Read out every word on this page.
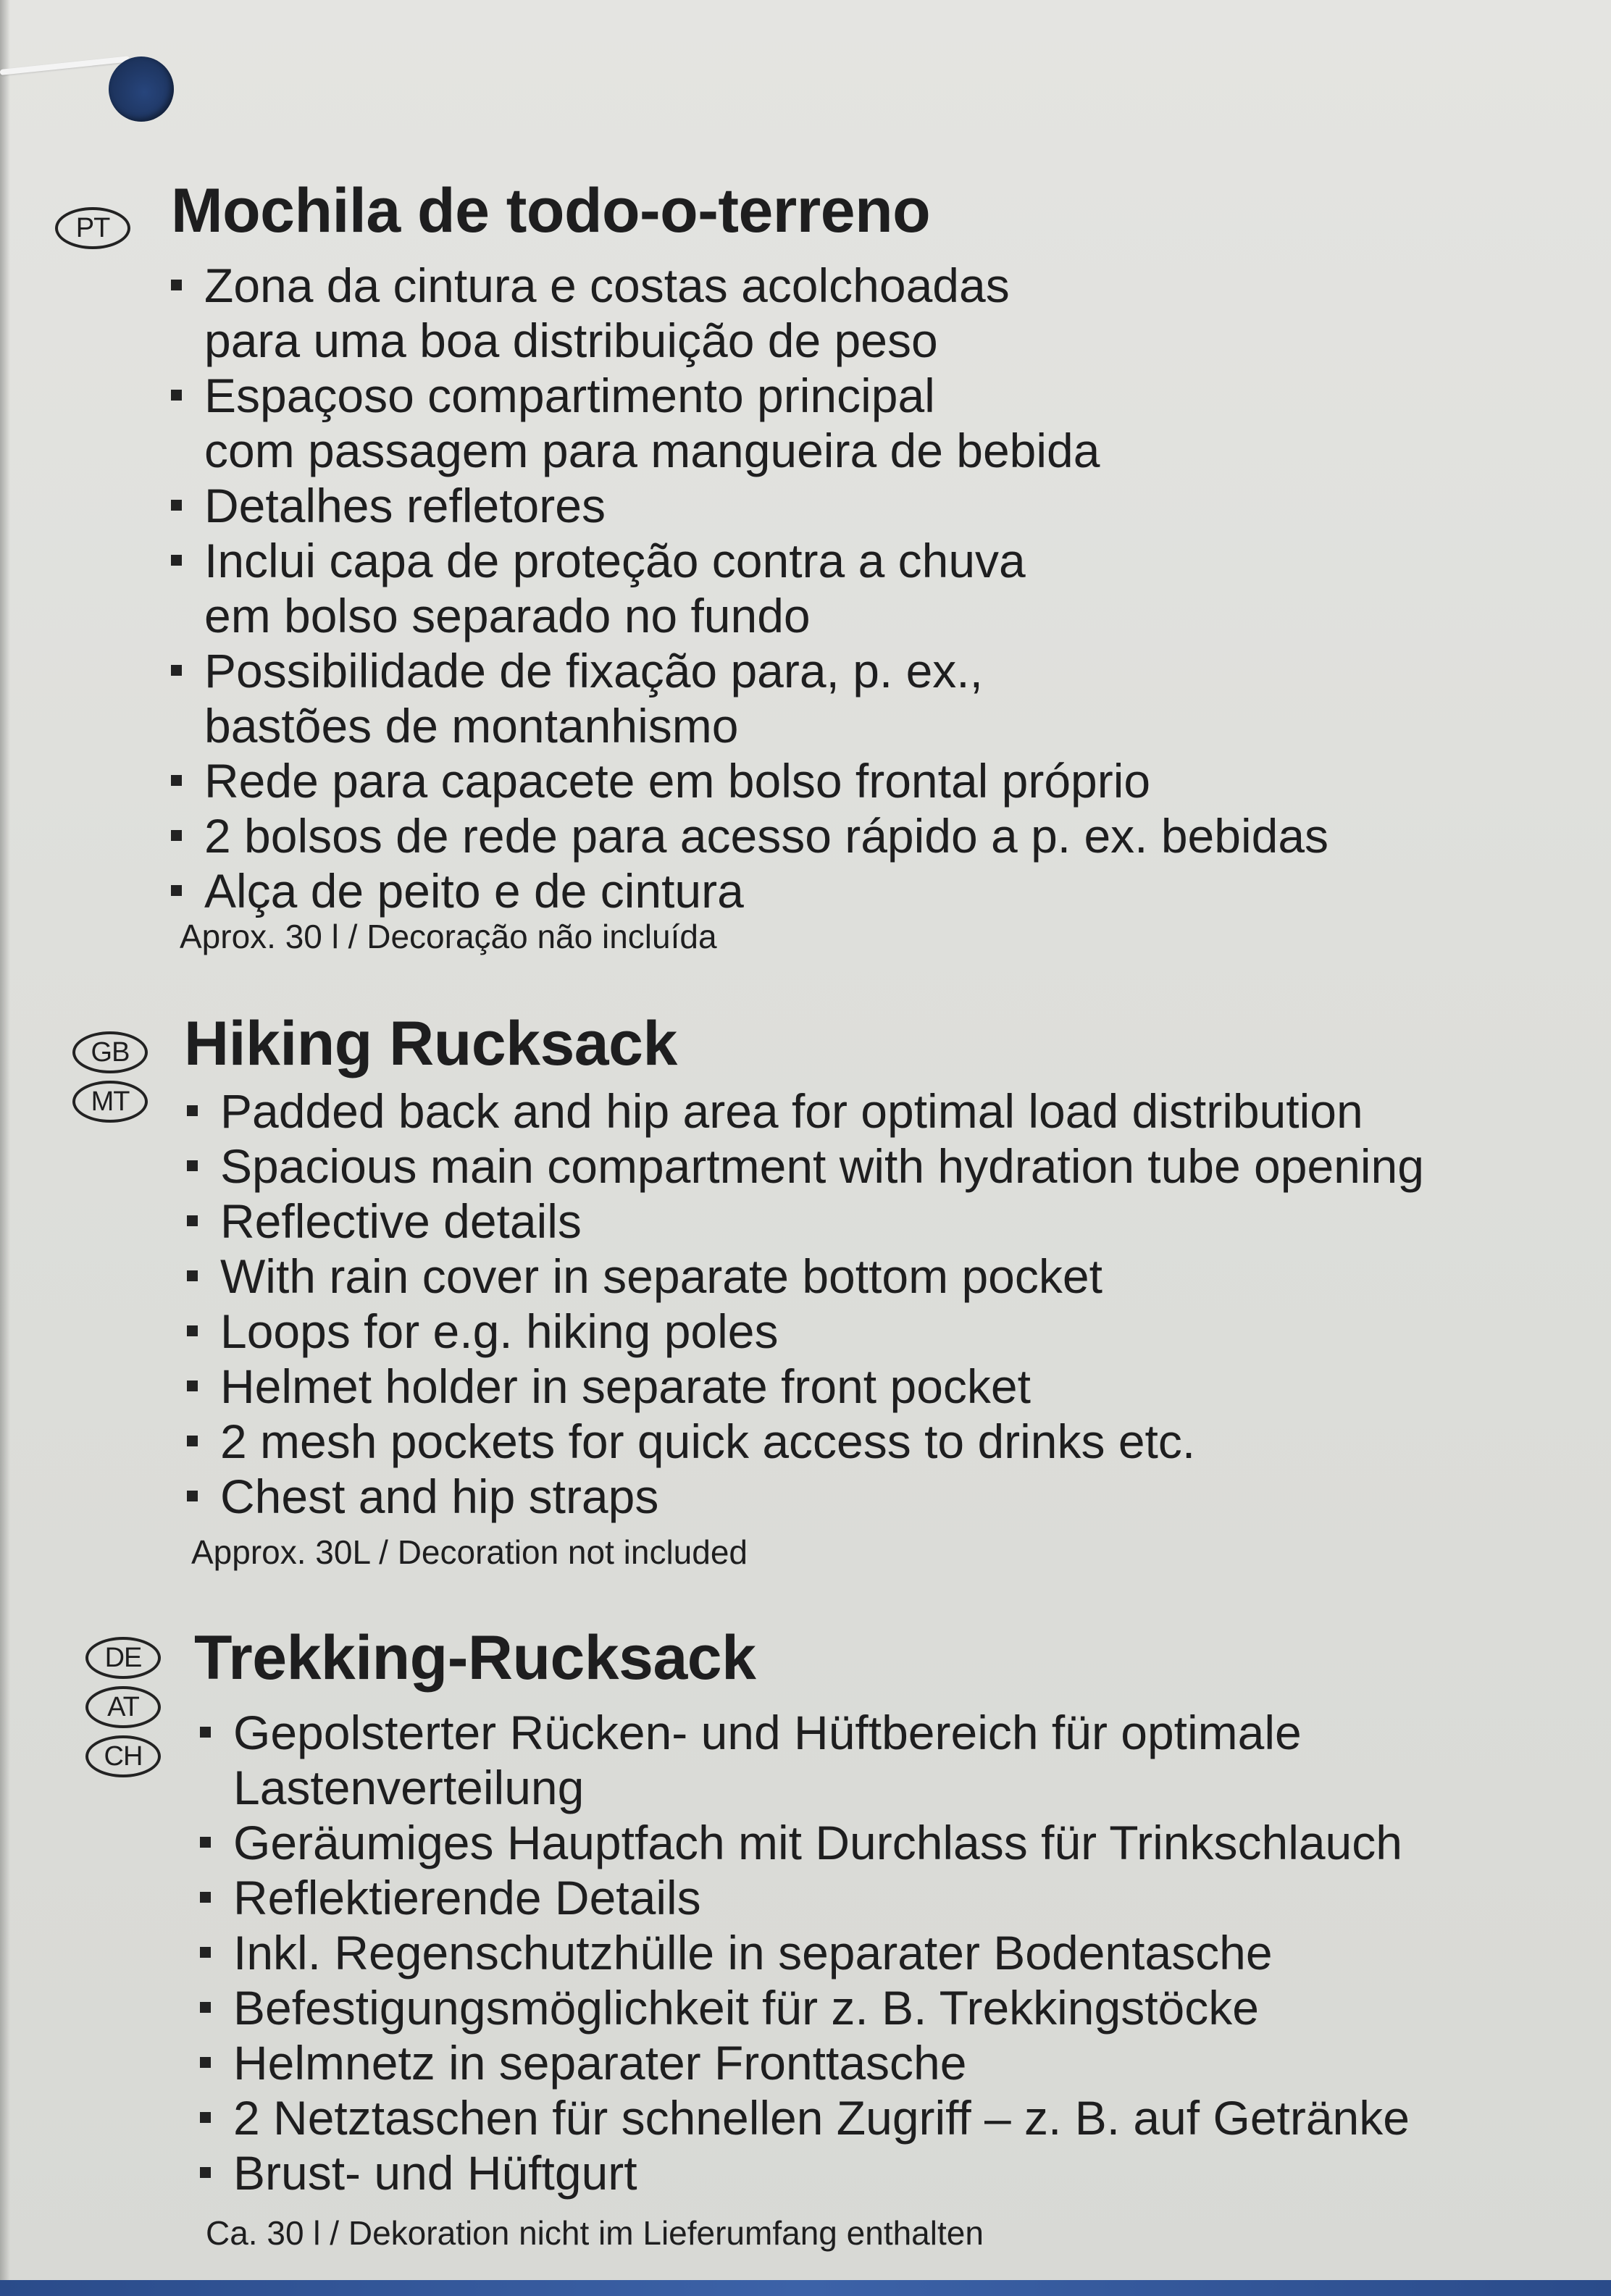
PT Mochila de todo-o-terreno
Zona da cintura e costas acolchoadas
para uma boa distribuição de peso
Espaçoso compartimento principal
com passagem para mangueira de bebida
Detalhes refletores
Inclui capa de proteção contra a chuva
em bolso separado no fundo
Possibilidade de fixação para, p. ex.,
bastões de montanhismo
Rede para capacete em bolso frontal próprio
2 bolsos de rede para acesso rápido a p. ex. bebidas
Alça de peito e de cintura
Aprox. 30 l / Decoração não incluída
GB
MT
Hiking Rucksack
Padded back and hip area for optimal load distribution
Spacious main compartment with hydration tube opening
Reflective details
With rain cover in separate bottom pocket
Loops for e.g. hiking poles
Helmet holder in separate front pocket
2 mesh pockets for quick access to drinks etc.
Chest and hip straps
Approx. 30L / Decoration not included
DE
AT
CH
Trekking-Rucksack
Gepolsterter Rücken- und Hüftbereich für optimale
Lastenverteilung
Geräumiges Hauptfach mit Durchlass für Trinkschlauch
Reflektierende Details
Inkl. Regenschutzhülle in separater Bodentasche
Befestigungsmöglichkeit für z. B. Trekkingstöcke
Helmnetz in separater Fronttasche
2 Netztaschen für schnellen Zugriff – z. B. auf Getränke
Brust- und Hüftgurt
Ca. 30 l / Dekoration nicht im Lieferumfang enthalten
